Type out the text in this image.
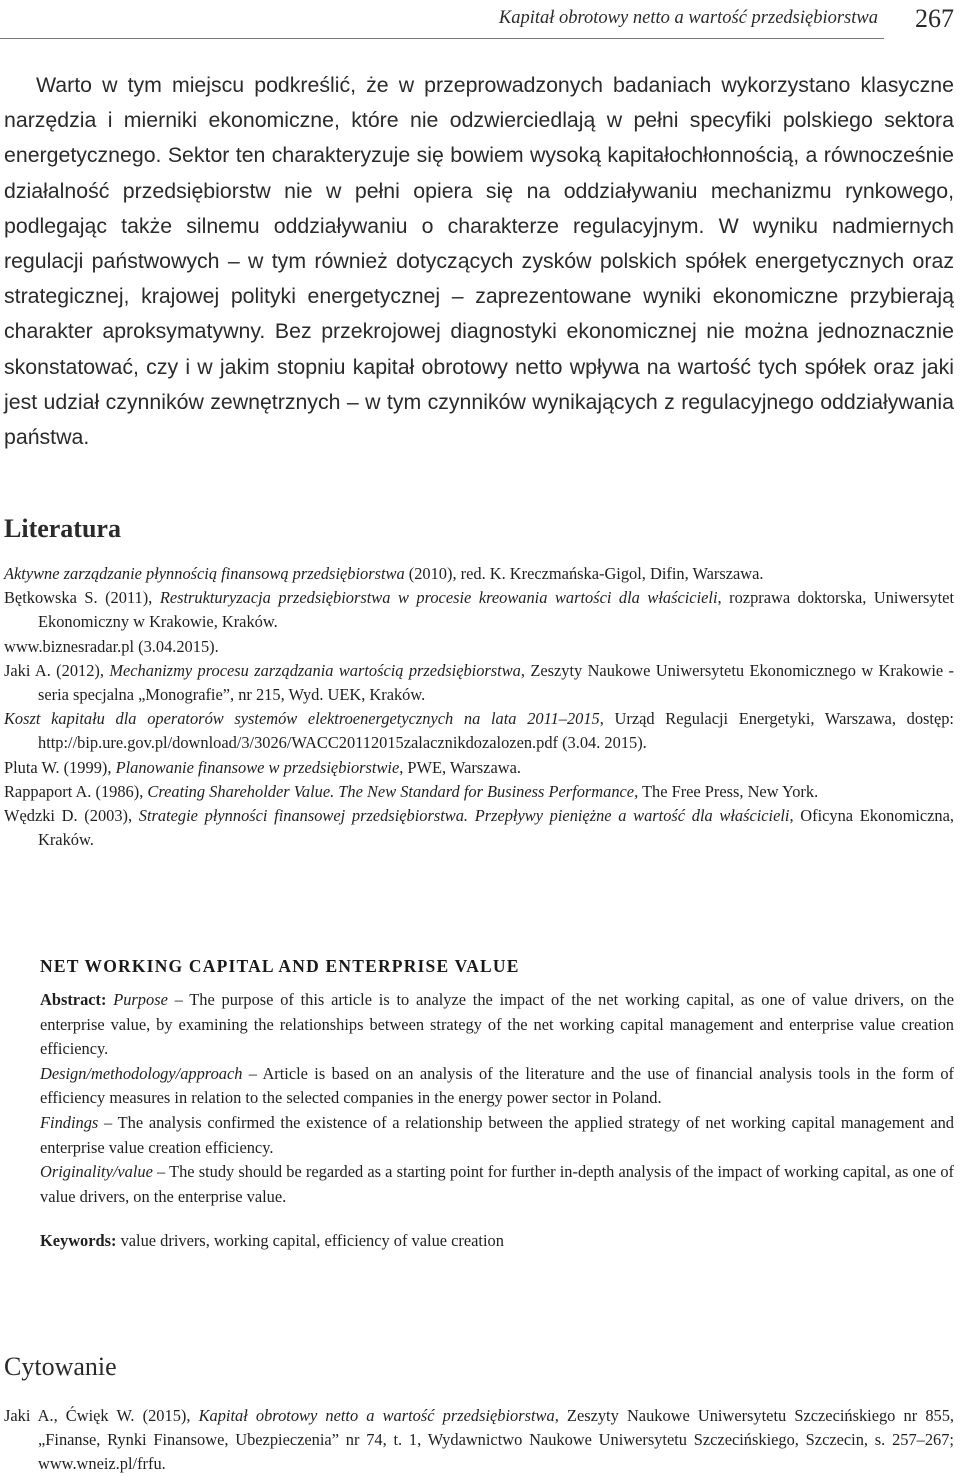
Kapitał obrotowy netto a wartość przedsiębiorstwa 267

Warto w tym miejscu podkreślić, że w przeprowadzonych badaniach wykorzystano klasyczne narzędzia i mierniki ekonomiczne, które nie odzwierciedlają w pełni specyfiki polskiego sektora energetycznego. Sektor ten charakteryzuje się bowiem wysoką kapitałochłonnością, a równocześnie działalność przedsiębiorstw nie w pełni opiera się na oddziaływaniu mechanizmu rynkowego, podlegając także silnemu oddziaływaniu o charakterze regulacyjnym. W wyniku nadmiernych regulacji państwowych – w tym również dotyczących zysków polskich spółek energetycznych oraz strategicznej, krajowej polityki energetycznej – zaprezentowane wyniki ekonomiczne przybierają charakter aproksymatywny. Bez przekrojowej diagnostyki ekonomicznej nie można jednoznacznie skonstatować, czy i w jakim stopniu kapitał obrotowy netto wpływa na wartość tych spółek oraz jaki jest udział czynników zewnętrznych – w tym czynników wynikających z regulacyjnego oddziaływania państwa.

Literatura

Aktywne zarządzanie płynnością finansową przedsiębiorstwa (2010), red. K. Kreczmańska-Gigol, Difin, Warszawa.

Bętkowska S. (2011), Restrukturyzacja przedsiębiorstwa w procesie kreowania wartości dla właścicieli, rozprawa doktorska, Uniwersytet Ekonomiczny w Krakowie, Kraków.

www.biznesradar.pl (3.04.2015).

Jaki A. (2012), Mechanizmy procesu zarządzania wartością przedsiębiorstwa, Zeszyty Naukowe Uniwersytetu Ekonomicznego w Krakowie - seria specjalna „Monografie”, nr 215, Wyd. UEK, Kraków.

Koszt kapitału dla operatorów systemów elektroenergetycznych na lata 2011–2015, Urząd Regulacji Energetyki, Warszawa, dostęp: http://bip.ure.gov.pl/download/3/3026/WACC20112015zalacznikdozalozen.pdf (3.04. 2015).

Pluta W. (1999), Planowanie finansowe w przedsiębiorstwie, PWE, Warszawa.

Rappaport A. (1986), Creating Shareholder Value. The New Standard for Business Performance, The Free Press, New York.

Wędzki D. (2003), Strategie płynności finansowej przedsiębiorstwa. Przepływy pieniężne a wartość dla właścicieli, Oficyna Ekonomiczna, Kraków.

NET WORKING CAPITAL AND ENTERPRISE VALUE

Abstract: Purpose – The purpose of this article is to analyze the impact of the net working capital, as one of value drivers, on the enterprise value, by examining the relationships between strategy of the net working capital management and enterprise value creation efficiency.

Design/methodology/approach – Article is based on an analysis of the literature and the use of financial analysis tools in the form of efficiency measures in relation to the selected companies in the energy power sector in Poland.

Findings – The analysis confirmed the existence of a relationship between the applied strategy of net working capital management and enterprise value creation efficiency.

Originality/value – The study should be regarded as a starting point for further in-depth analysis of the impact of working capital, as one of value drivers, on the enterprise value.

Keywords: value drivers, working capital, efficiency of value creation

Cytowanie

Jaki A., Ćwięk W. (2015), Kapitał obrotowy netto a wartość przedsiębiorstwa, Zeszyty Naukowe Uniwersytetu Szczecińskiego nr 855, „Finanse, Rynki Finansowe, Ubezpieczenia” nr 74, t. 1, Wydawnictwo Naukowe Uniwersytetu Szczecińskiego, Szczecin, s. 257–267; www.wneiz.pl/frfu.
